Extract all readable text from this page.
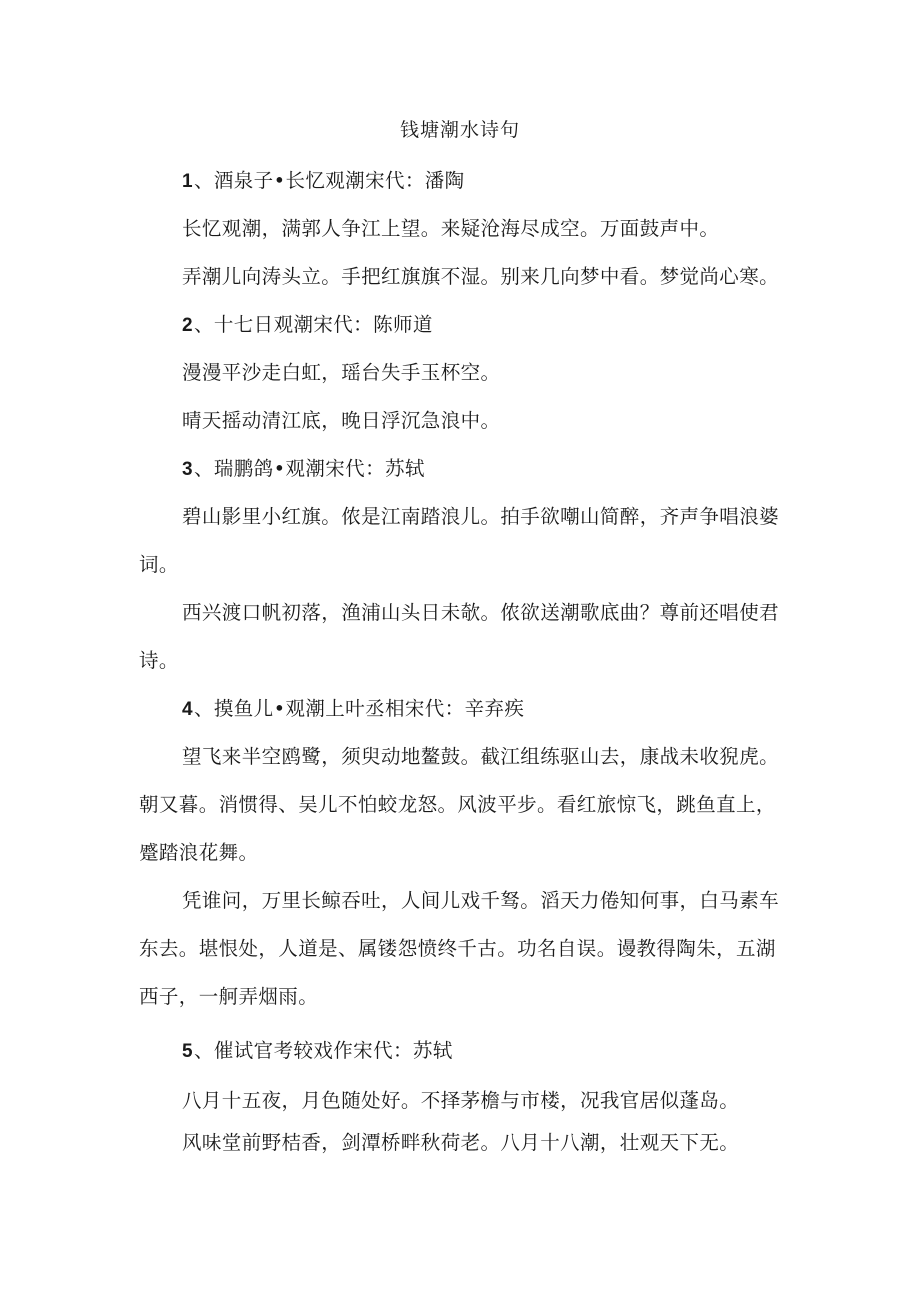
钱塘潮水诗句
1、酒泉子•长忆观潮宋代：潘陶
长忆观潮，满郭人争江上望。来疑沧海尽成空。万面鼓声中。
弄潮儿向涛头立。手把红旗旗不湿。别来几向梦中看。梦觉尚心寒。
2、十七日观潮宋代：陈师道
漫漫平沙走白虹，瑶台失手玉杯空。
晴天摇动清江底，晚日浮沉急浪中。
3、瑞鹏鸽•观潮宋代：苏轼
碧山影里小红旗。侬是江南踏浪儿。拍手欲嘲山简醉，齐声争唱浪婆
词。
西兴渡口帆初落，渔浦山头日未欹。侬欲送潮歌底曲？尊前还唱使君
诗。
4、摸鱼儿•观潮上叶丞相宋代：辛弃疾
望飞来半空鸥鹭，须臾动地鳌鼓。截江组练驱山去，康战未收猊虎。
朝又暮。消惯得、吴儿不怕蛟龙怒。风波平步。看红旅惊飞，跳鱼直上，
蹙踏浪花舞。
凭谁问，万里长鲸吞吐，人间儿戏千驽。滔天力倦知何事，白马素车
东去。堪恨处，人道是、属镂怨愤终千古。功名自误。谩教得陶朱，五湖
西子，一舸弄烟雨。
5、催试官考较戏作宋代：苏轼
八月十五夜，月色随处好。不择茅檐与市楼，况我官居似蓬岛。
风味堂前野桔香，剑潭桥畔秋荷老。八月十八潮，壮观天下无。
